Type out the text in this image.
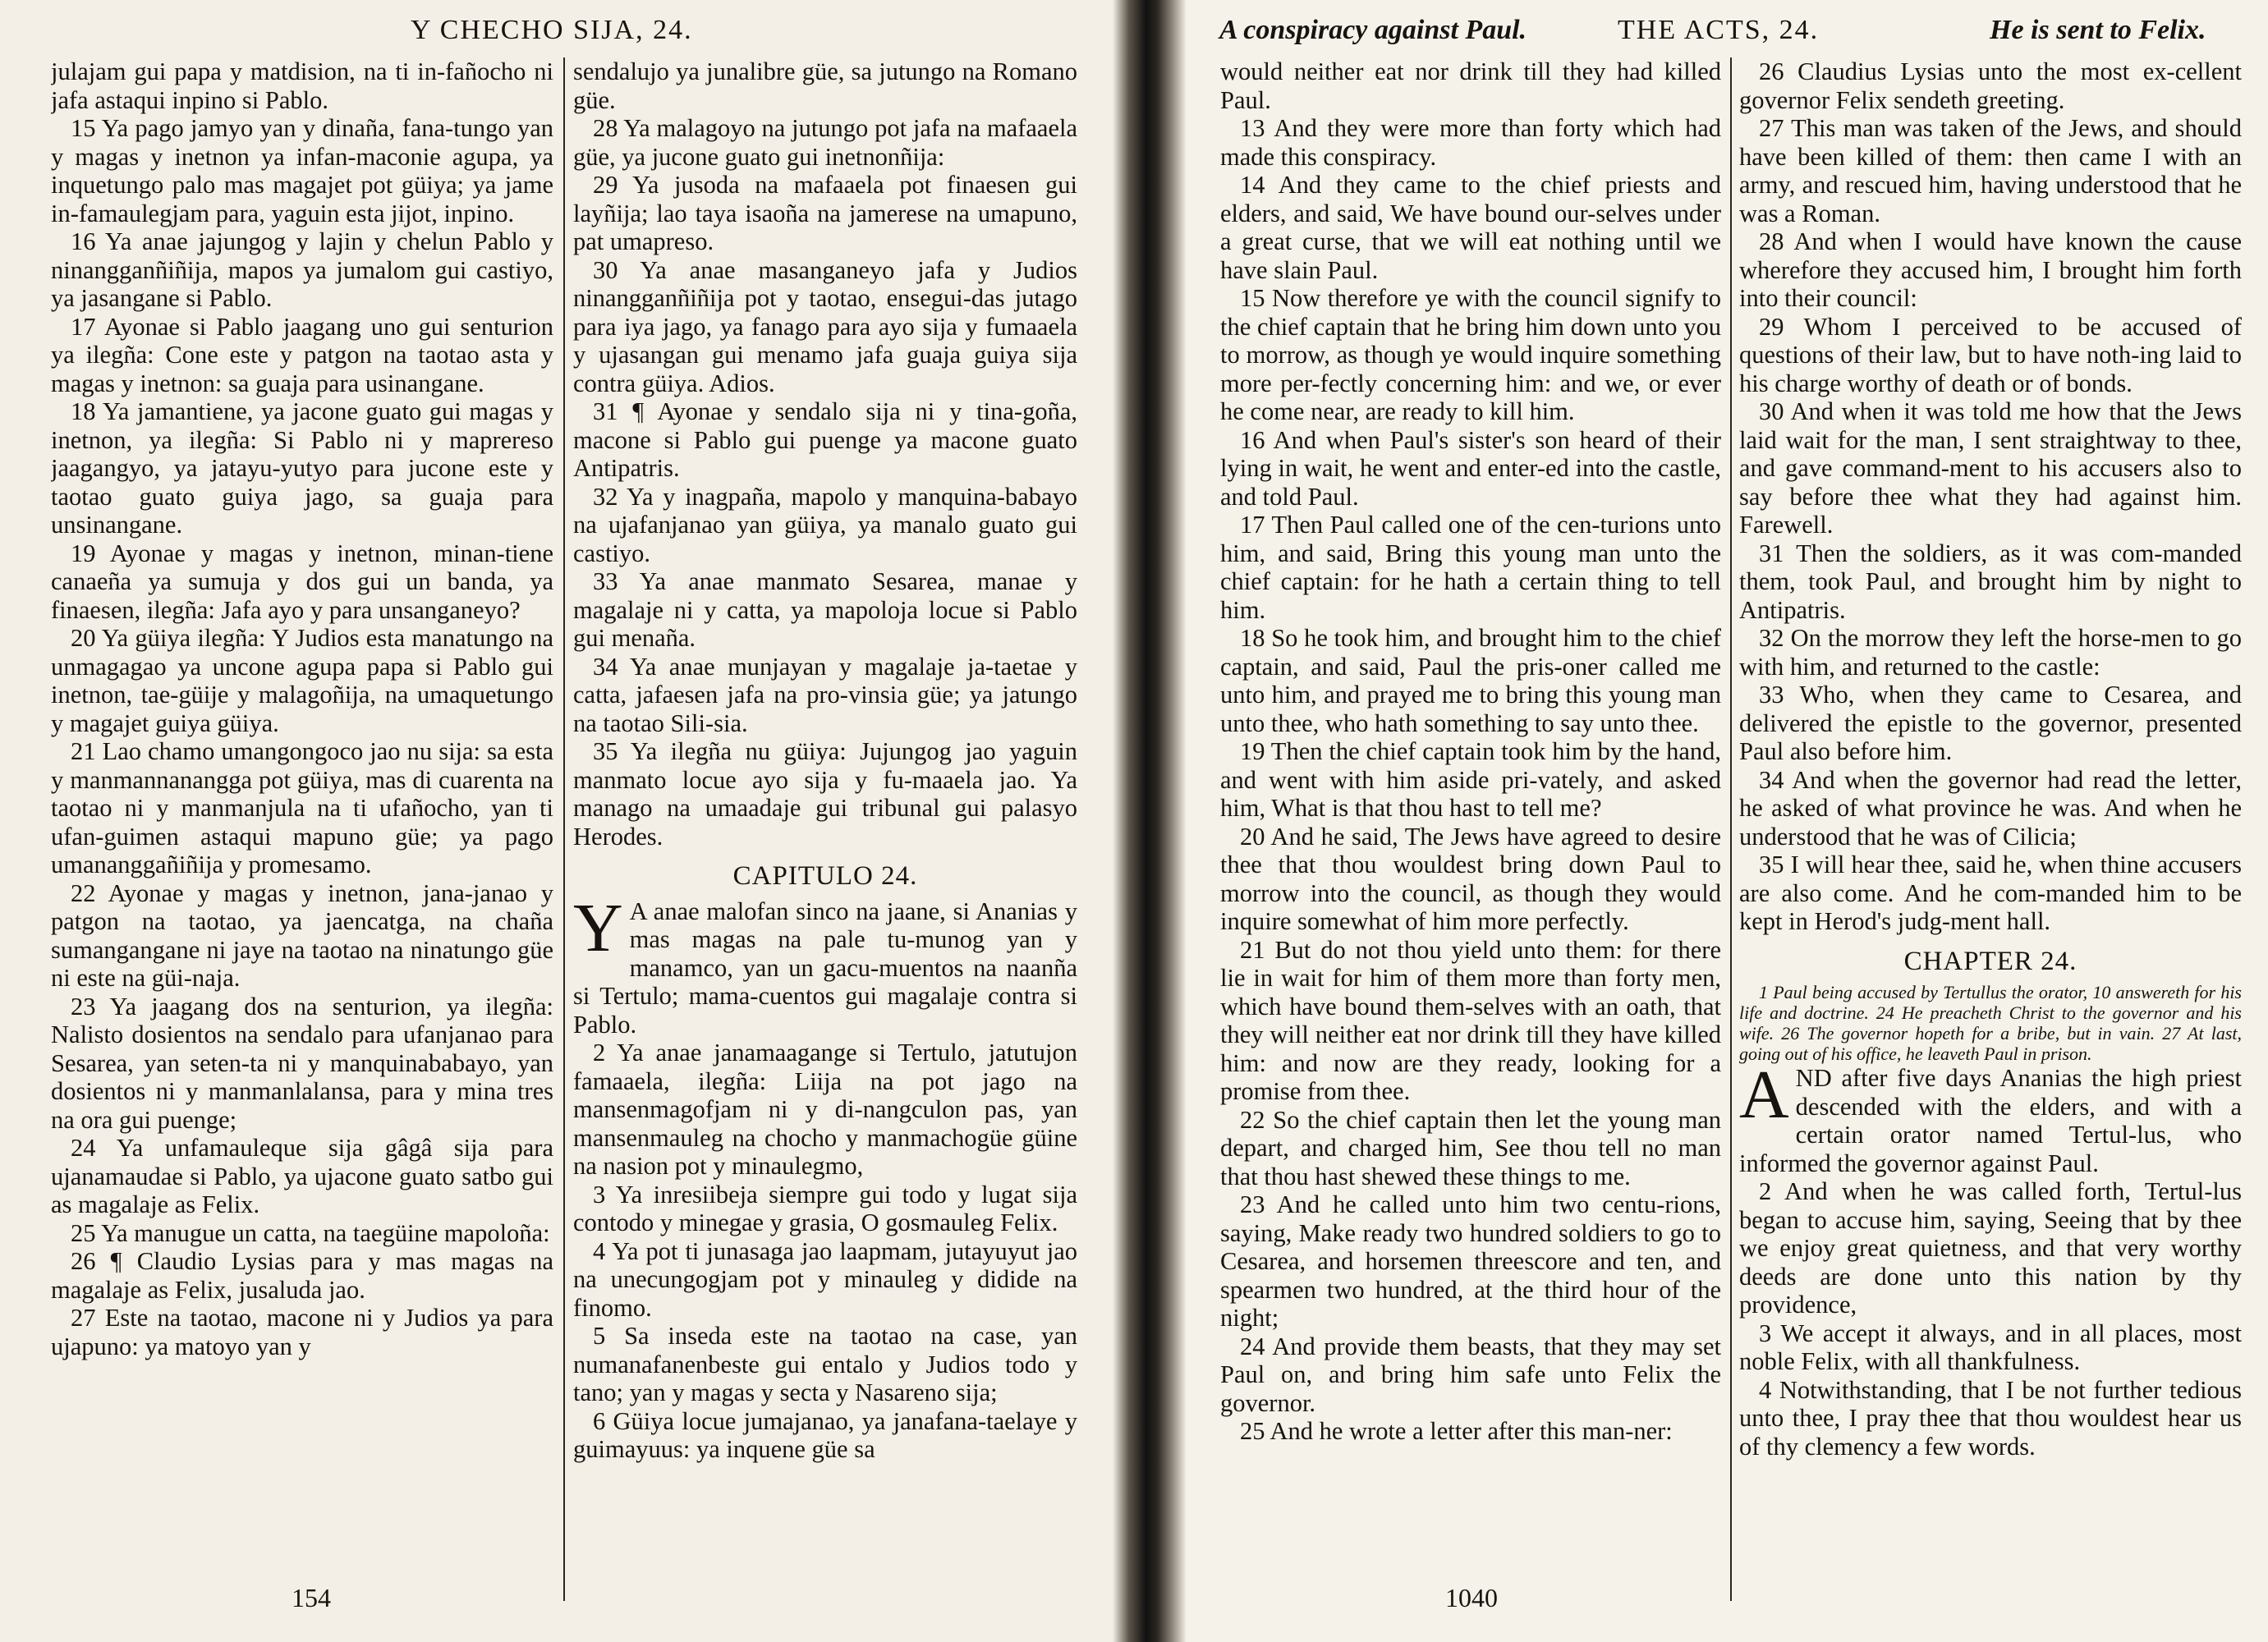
Y CHECHO SIJA, 24.

julajam gui papa y matdision, na ti in-fañocho ni jafa astaqui inpino si Pablo.

15 Ya pago jamyo yan y dinaña, fana-tungo yan y magas y inetnon ya infan-maconie agupa, ya inquetungo palo mas magajet pot güiya; ya jame in-famaulegjam para, yaguin esta jijot, inpino.

16 Ya anae jajungog y lajin y chelun Pablo y ninangganñiñija, mapos ya jumalom gui castiyo, ya jasangane si Pablo.

17 Ayonae si Pablo jaagang uno gui senturion ya ilegña: Cone este y patgon na taotao asta y magas y inetnon: sa guaja para usinangane.

18 Ya jamantiene, ya jacone guato gui magas y inetnon, ya ilegña: Si Pablo ni y maprereso jaagangyo, ya jatayu-yutyo para jucone este y taotao guato guiya jago, sa guaja para unsinangane.

19 Ayonae y magas y inetnon, minan-tiene canaeña ya sumuja y dos gui un banda, ya finaesen, ilegña: Jafa ayo y para unsanganeyo?

20 Ya güiya ilegña: Y Judios esta manatungo na unmagagao ya uncone agupa papa si Pablo gui inetnon, tae-güije y malagoñija, na umaquetungo y magajet guiya güiya.

21 Lao chamo umangongoco jao nu sija: sa esta y manmannanangga pot güiya, mas di cuarenta na taotao ni y manmanjula na ti ufañocho, yan ti ufan-guimen astaqui mapuno güe; ya pago umananggañiñija y promesamo.

22 Ayonae y magas y inetnon, jana-janao y patgon na taotao, ya jaencatga, na chaña sumangangane ni jaye na taotao na ninatungo güe ni este na güi-naja.

23 Ya jaagang dos na senturion, ya ilegña: Nalisto dosientos na sendalo para ufanjanao para Sesarea, yan seten-ta ni y manquinababayo, yan dosientos ni y manmanlalansa, para y mina tres na ora gui puenge;

24 Ya unfamauleque sija gâgâ sija para ujanamaudae si Pablo, ya ujacone guato satbo gui as magalaje as Felix.

25 Ya manugue un catta, na taegüine mapoloña:

26 ¶ Claudio Lysias para y mas magas na magalaje as Felix, jusaluda jao.

27 Este na taotao, macone ni y Judios ya para ujapuno: ya matoyo yan y

sendalujo ya junalibre güe, sa jutungo na Romano güe.

28 Ya malagoyo na jutungo pot jafa na mafaaela güe, ya jucone guato gui inetnonñija:

29 Ya jusoda na mafaaela pot finaesen gui layñija; lao taya isaoña na jamerese na umapuno, pat umapreso.

30 Ya anae masanganeyo jafa y Judios ninangganñiñija pot y taotao, ensegui-das jutago para iya jago, ya fanago para ayo sija y fumaaela y ujasangan gui menamo jafa guaja guiya sija contra güiya. Adios.

31 ¶ Ayonae y sendalo sija ni y tina-goña, macone si Pablo gui puenge ya macone guato Antipatris.

32 Ya y inagpaña, mapolo y manquina-babayo na ujafanjanao yan güiya, ya manalo guato gui castiyo.

33 Ya anae manmato Sesarea, manae y magalaje ni y catta, ya mapoloja locue si Pablo gui menaña.

34 Ya anae munjayan y magalaje ja-taetae y catta, jafaesen jafa na pro-vinsia güe; ya jatungo na taotao Sili-sia.

35 Ya ilegña nu güiya: Jujungog jao yaguin manmato locue ayo sija y fu-maaela jao. Ya manago na umaadaje gui tribunal gui palasyo Herodes.

CAPITULO 24.
Y A anae malofan sinco na jaane, si Ananias y mas magas na pale tu-munog yan y manamco, yan un gacu-muentos na naanña si Tertulo; mama-cuentos gui magalaje contra si Pablo.

2 Ya anae janamaagange si Tertulo, jatutujon famaaela, ilegña: Liija na pot jago na mansenmagofjam ni y di-nangculon pas, yan mansenmauleg na chocho y manmachogüe güine na nasion pot y minaulegmo,

3 Ya inresiibeja siempre gui todo y lugat sija contodo y minegae y grasia, O gosmauleg Felix.

4 Ya pot ti junasaga jao laapmam, jutayuyut jao na unecungogjam pot y minauleg y didide na finomo.

5 Sa inseda este na taotao na case, yan numanafanenbeste gui entalo y Judios todo y tano; yan y magas y secta y Nasareno sija;

6 Güiya locue jumajanao, ya janafana-taelaye y guimayuus: ya inquene güe sa

154
A conspiracy against Paul.	THE ACTS, 24.	He is sent to Felix.

would neither eat nor drink till they had killed Paul.

13 And they were more than forty which had made this conspiracy.

14 And they came to the chief priests and elders, and said, We have bound our-selves under a great curse, that we will eat nothing until we have slain Paul.

15 Now therefore ye with the council signify to the chief captain that he bring him down unto you to morrow, as though ye would inquire something more per-fectly concerning him: and we, or ever he come near, are ready to kill him.

16 And when Paul's sister's son heard of their lying in wait, he went and enter-ed into the castle, and told Paul.

17 Then Paul called one of the cen-turions unto him, and said, Bring this young man unto the chief captain: for he hath a certain thing to tell him.

18 So he took him, and brought him to the chief captain, and said, Paul the pris-oner called me unto him, and prayed me to bring this young man unto thee, who hath something to say unto thee.

19 Then the chief captain took him by the hand, and went with him aside pri-vately, and asked him, What is that thou hast to tell me?

20 And he said, The Jews have agreed to desire thee that thou wouldest bring down Paul to morrow into the council, as though they would inquire somewhat of him more perfectly.

21 But do not thou yield unto them: for there lie in wait for him of them more than forty men, which have bound them-selves with an oath, that they will neither eat nor drink till they have killed him: and now are they ready, looking for a promise from thee.

22 So the chief captain then let the young man depart, and charged him, See thou tell no man that thou hast shewed these things to me.

23 And he called unto him two centu-rions, saying, Make ready two hundred soldiers to go to Cesarea, and horsemen threescore and ten, and spearmen two hundred, at the third hour of the night;

24 And provide them beasts, that they may set Paul on, and bring him safe unto Felix the governor.

25 And he wrote a letter after this man-ner:

26 Claudius Lysias unto the most ex-cellent governor Felix sendeth greeting.

27 This man was taken of the Jews, and should have been killed of them: then came I with an army, and rescued him, having understood that he was a Roman.

28 And when I would have known the cause wherefore they accused him, I brought him forth into their council:

29 Whom I perceived to be accused of questions of their law, but to have noth-ing laid to his charge worthy of death or of bonds.

30 And when it was told me how that the Jews laid wait for the man, I sent straightway to thee, and gave command-ment to his accusers also to say before thee what they had against him. Farewell.

31 Then the soldiers, as it was com-manded them, took Paul, and brought him by night to Antipatris.

32 On the morrow they left the horse-men to go with him, and returned to the castle:

33 Who, when they came to Cesarea, and delivered the epistle to the governor, presented Paul also before him.

34 And when the governor had read the letter, he asked of what province he was. And when he understood that he was of Cilicia;

35 I will hear thee, said he, when thine accusers are also come. And he com-manded him to be kept in Herod's judg-ment hall.

CHAPTER 24.

1 Paul being accused by Tertullus the orator, 10 answereth for his life and doctrine. 24 He preacheth Christ to the governor and his wife. 26 The governor hopeth for a bribe, but in vain. 27 At last, going out of his office, he leaveth Paul in prison.

A ND after five days Ananias the high priest descended with the elders, and with a certain orator named Tertul-lus, who informed the governor against Paul.

2 And when he was called forth, Tertul-lus began to accuse him, saying, Seeing that by thee we enjoy great quietness, and that very worthy deeds are done unto this nation by thy providence,

3 We accept it always, and in all places, most noble Felix, with all thankfulness.

4 Notwithstanding, that I be not further tedious unto thee, I pray thee that thou wouldest hear us of thy clemency a few words.

1040
